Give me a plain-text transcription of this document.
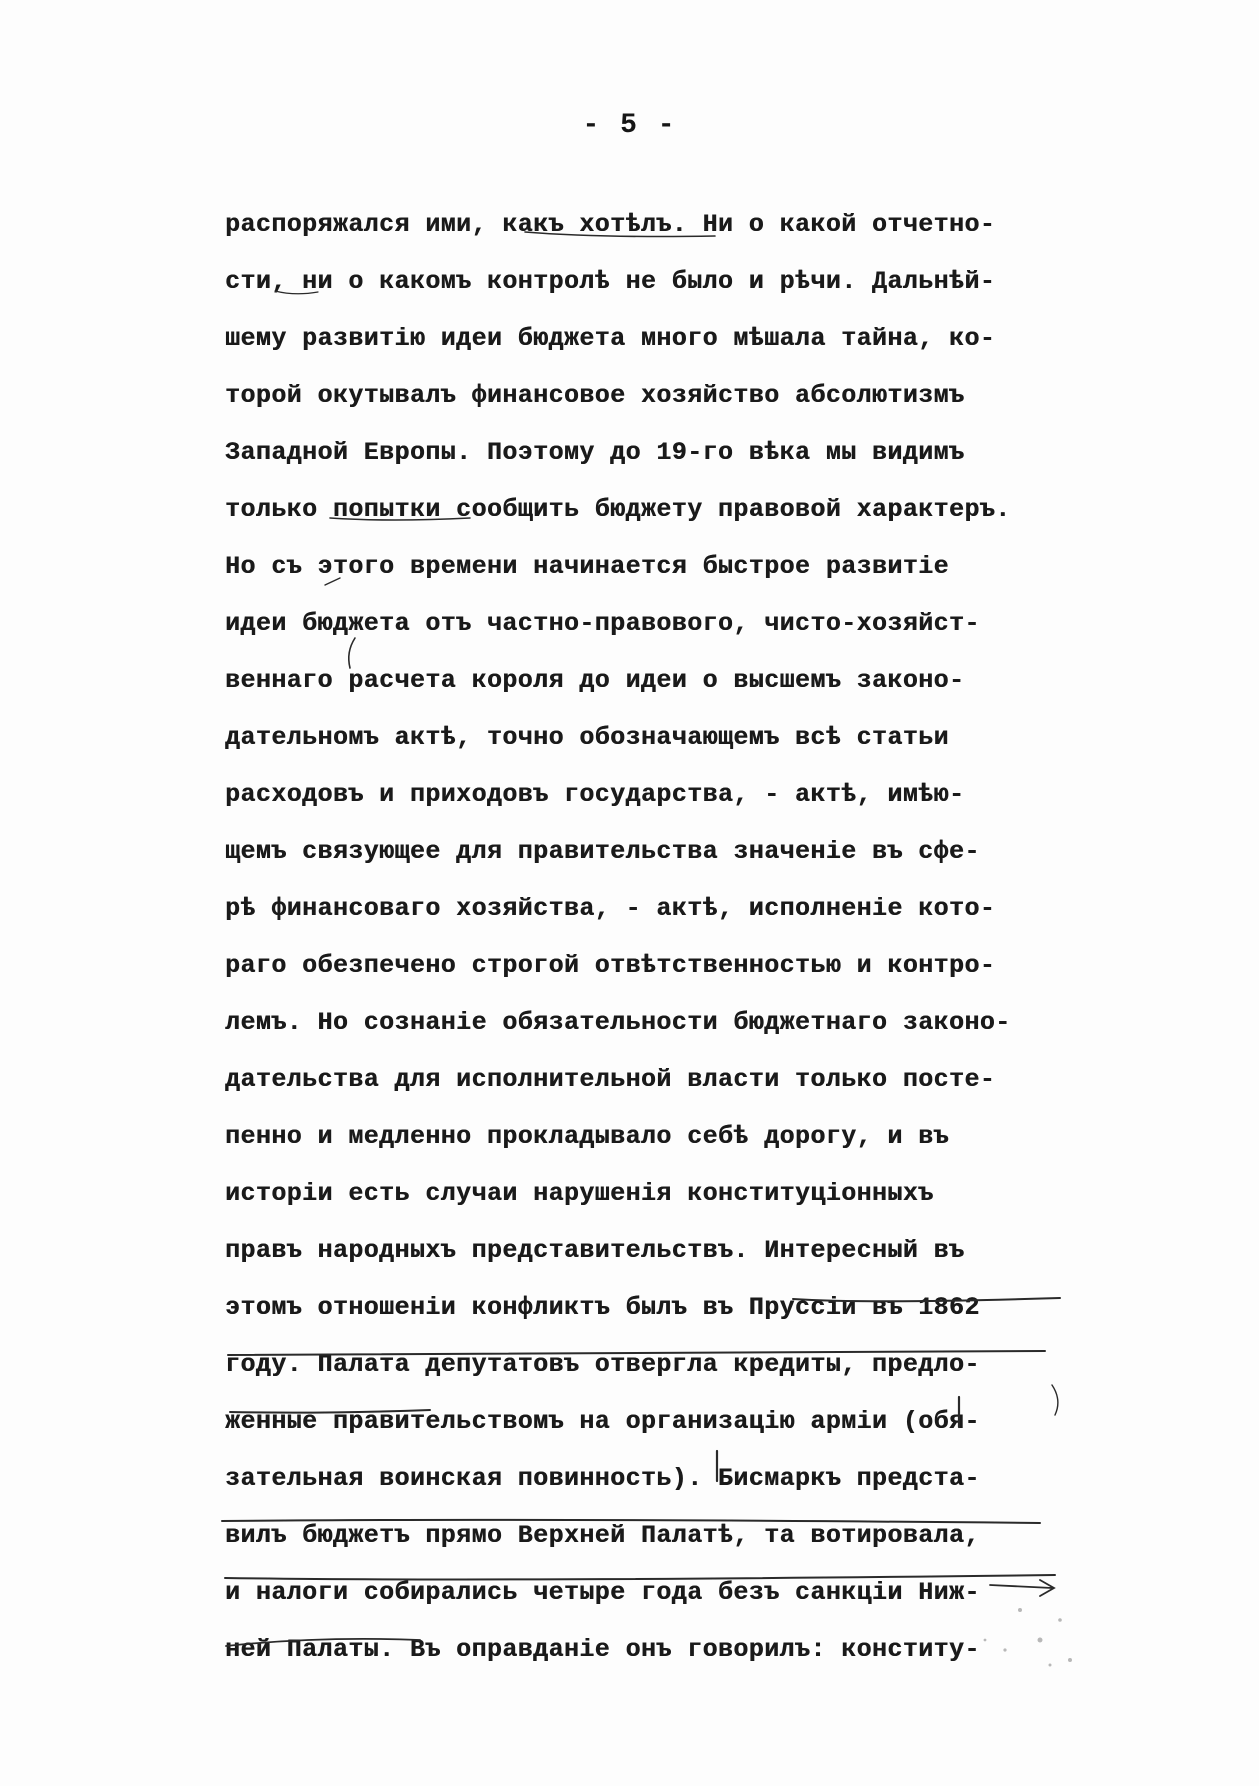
- 5 -
распоряжался ими, какъ хотѣлъ. Ни о какой отчетно-
сти, ни о какомъ контролѣ не было и рѣчи. Дальнѣй-
шему развитію идеи бюджета много мѣшала тайна, ко-
торой окутывалъ финансовое хозяйство абсолютизмъ
Западной Европы. Поэтому до 19-го вѣка мы видимъ
только попытки сообщить бюджету правовой характеръ.
Но съ этого времени начинается быстрое развитіе
идеи бюджета отъ частно-правового, чисто-хозяйст-
веннаго расчета короля до идеи о высшемъ законо-
дательномъ актѣ, точно обозначающемъ всѣ статьи
расходовъ и приходовъ государства, - актѣ, имѣю-
щемъ связующее для правительства значеніе въ сфе-
рѣ финансоваго хозяйства, - актѣ, исполненіе кото-
раго обезпечено строгой отвѣтственностью и контро-
лемъ. Но сознаніе обязательности бюджетнаго законо-
дательства для исполнительной власти только посте-
пенно и медленно прокладывало себѣ дорогу, и въ
исторіи есть случаи нарушенія конституціонныхъ
правъ народныхъ представительствъ. Интересный въ
этомъ отношеніи конфликтъ былъ въ Пруссіи въ 1862
году. Палата депутатовъ отвергла кредиты, предло-
женные правительствомъ на организацію арміи (обя-
зательная воинская повинность). Бисмаркъ предста-
вилъ бюджетъ прямо Верхней Палатѣ, та вотировала,
и налоги собирались четыре года безъ санкціи Ниж-
ней Палаты. Въ оправданіе онъ говорилъ: конститу-
